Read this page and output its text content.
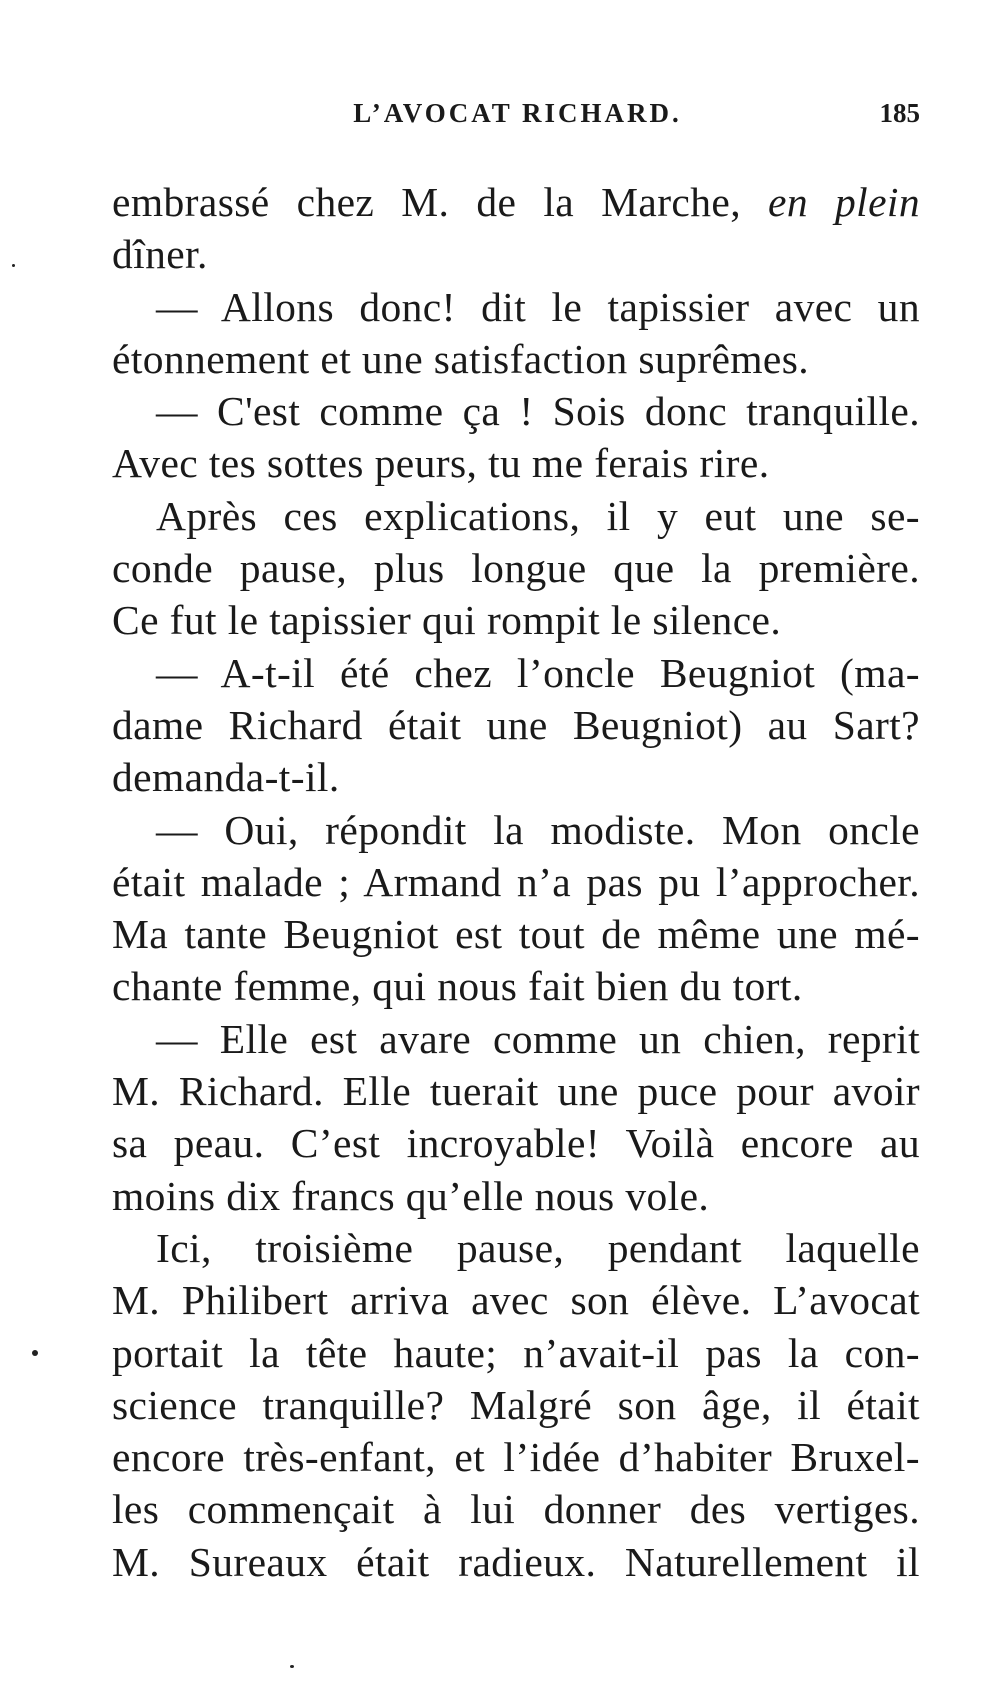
L’AVOCAT RICHARD.	185
embrassé chez M. de la Marche, en plein
dîner.
— Allons donc! dit le tapissier avec un
étonnement et une satisfaction suprêmes.
— C'est comme ça ! Sois donc tranquille.
Avec tes sottes peurs, tu me ferais rire.
Après ces explications, il y eut une se-
conde pause, plus longue que la première.
Ce fut le tapissier qui rompit le silence.
— A-t-il été chez l’oncle Beugniot (ma-
dame Richard était une Beugniot) au Sart?
demanda-t-il.
— Oui, répondit la modiste. Mon oncle
était malade ; Armand n’a pas pu l’approcher.
Ma tante Beugniot est tout de même une mé-
chante femme, qui nous fait bien du tort.
— Elle est avare comme un chien, reprit
M. Richard. Elle tuerait une puce pour avoir
sa peau. C’est incroyable! Voilà encore au
moins dix francs qu’elle nous vole.
Ici, troisième pause, pendant laquelle
M. Philibert arriva avec son élève. L’avocat
portait la tête haute; n’avait-il pas la con-
science tranquille? Malgré son âge, il était
encore très-enfant, et l’idée d’habiter Bruxel-
les commençait à lui donner des vertiges.
M. Sureaux était radieux. Naturellement il
